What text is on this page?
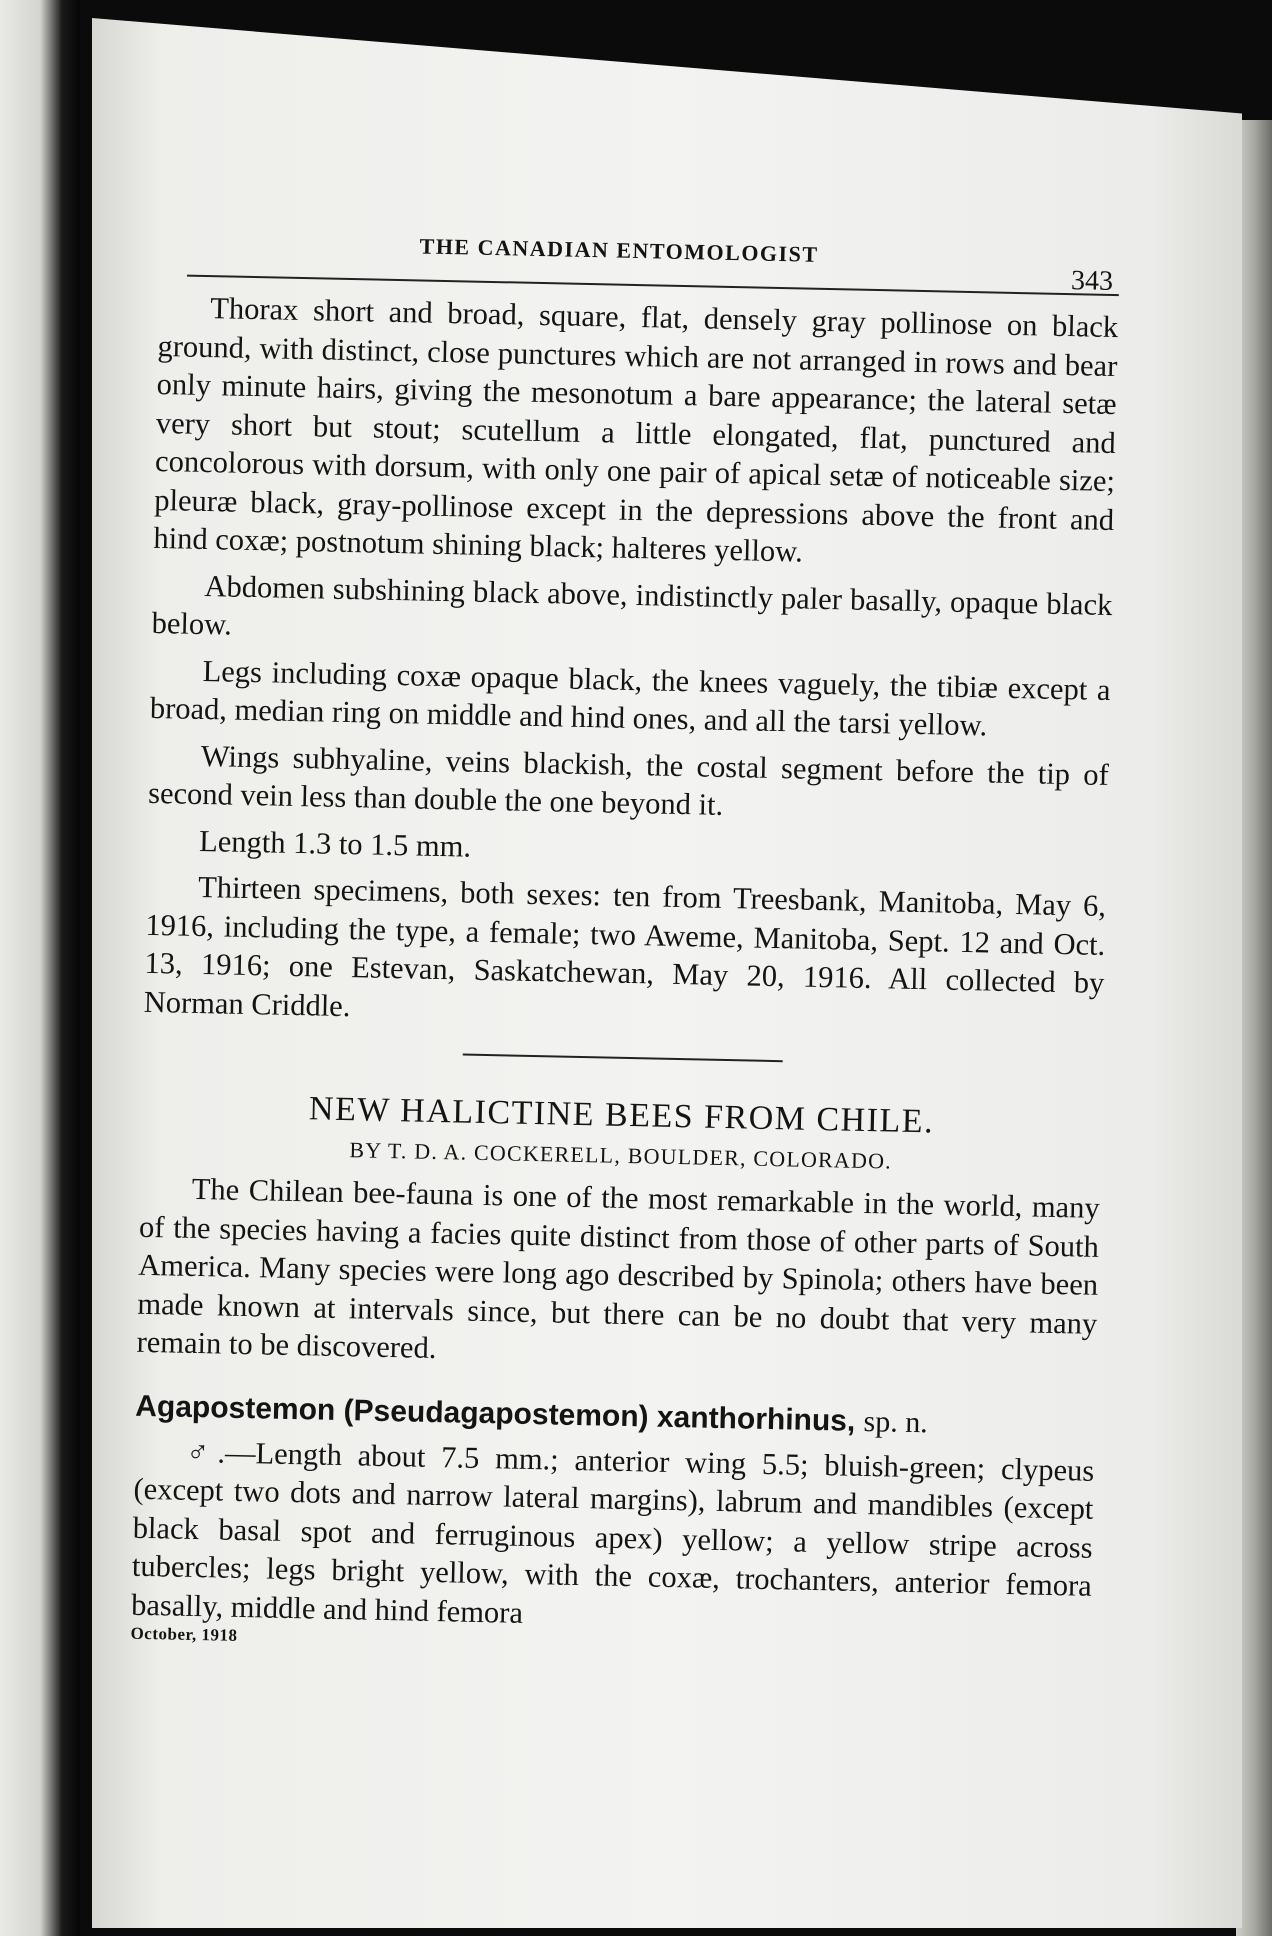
THE CANADIAN ENTOMOLOGIST
343

Thorax short and broad, square, flat, densely gray pollinose on black ground, with distinct, close punctures which are not arranged in rows and bear only minute hairs, giving the mesonotum a bare appearance; the lateral setæ very short but stout; scutellum a little elongated, flat, punctured and concolorous with dorsum, with only one pair of apical setæ of noticeable size; pleuræ black, gray-pollinose except in the depressions above the front and hind coxæ; postnotum shining black; halteres yellow.

Abdomen subshining black above, indistinctly paler basally, opaque black below.

Legs including coxæ opaque black, the knees vaguely, the tibiæ except a broad, median ring on middle and hind ones, and all the tarsi yellow.

Wings subhyaline, veins blackish, the costal segment before the tip of second vein less than double the one beyond it.

Length 1.3 to 1.5 mm.

Thirteen specimens, both sexes: ten from Treesbank, Manitoba, May 6, 1916, including the type, a female; two Aweme, Manitoba, Sept. 12 and Oct. 13, 1916; one Estevan, Saskatchewan, May 20, 1916. All collected by Norman Criddle.

NEW HALICTINE BEES FROM CHILE.
BY T. D. A. COCKERELL, BOULDER, COLORADO.

The Chilean bee-fauna is one of the most remarkable in the world, many of the species having a facies quite distinct from those of other parts of South America. Many species were long ago described by Spinola; others have been made known at intervals since, but there can be no doubt that very many remain to be discovered.

Agapostemon (Pseudagapostemon) xanthorhinus, sp. n.

♂.—Length about 7.5 mm.; anterior wing 5.5; bluish-green; clypeus (except two dots and narrow lateral margins), labrum and mandibles (except black basal spot and ferruginous apex) yellow; a yellow stripe across tubercles; legs bright yellow, with the coxæ, trochanters, anterior femora basally, middle and hind femora

October, 1918
